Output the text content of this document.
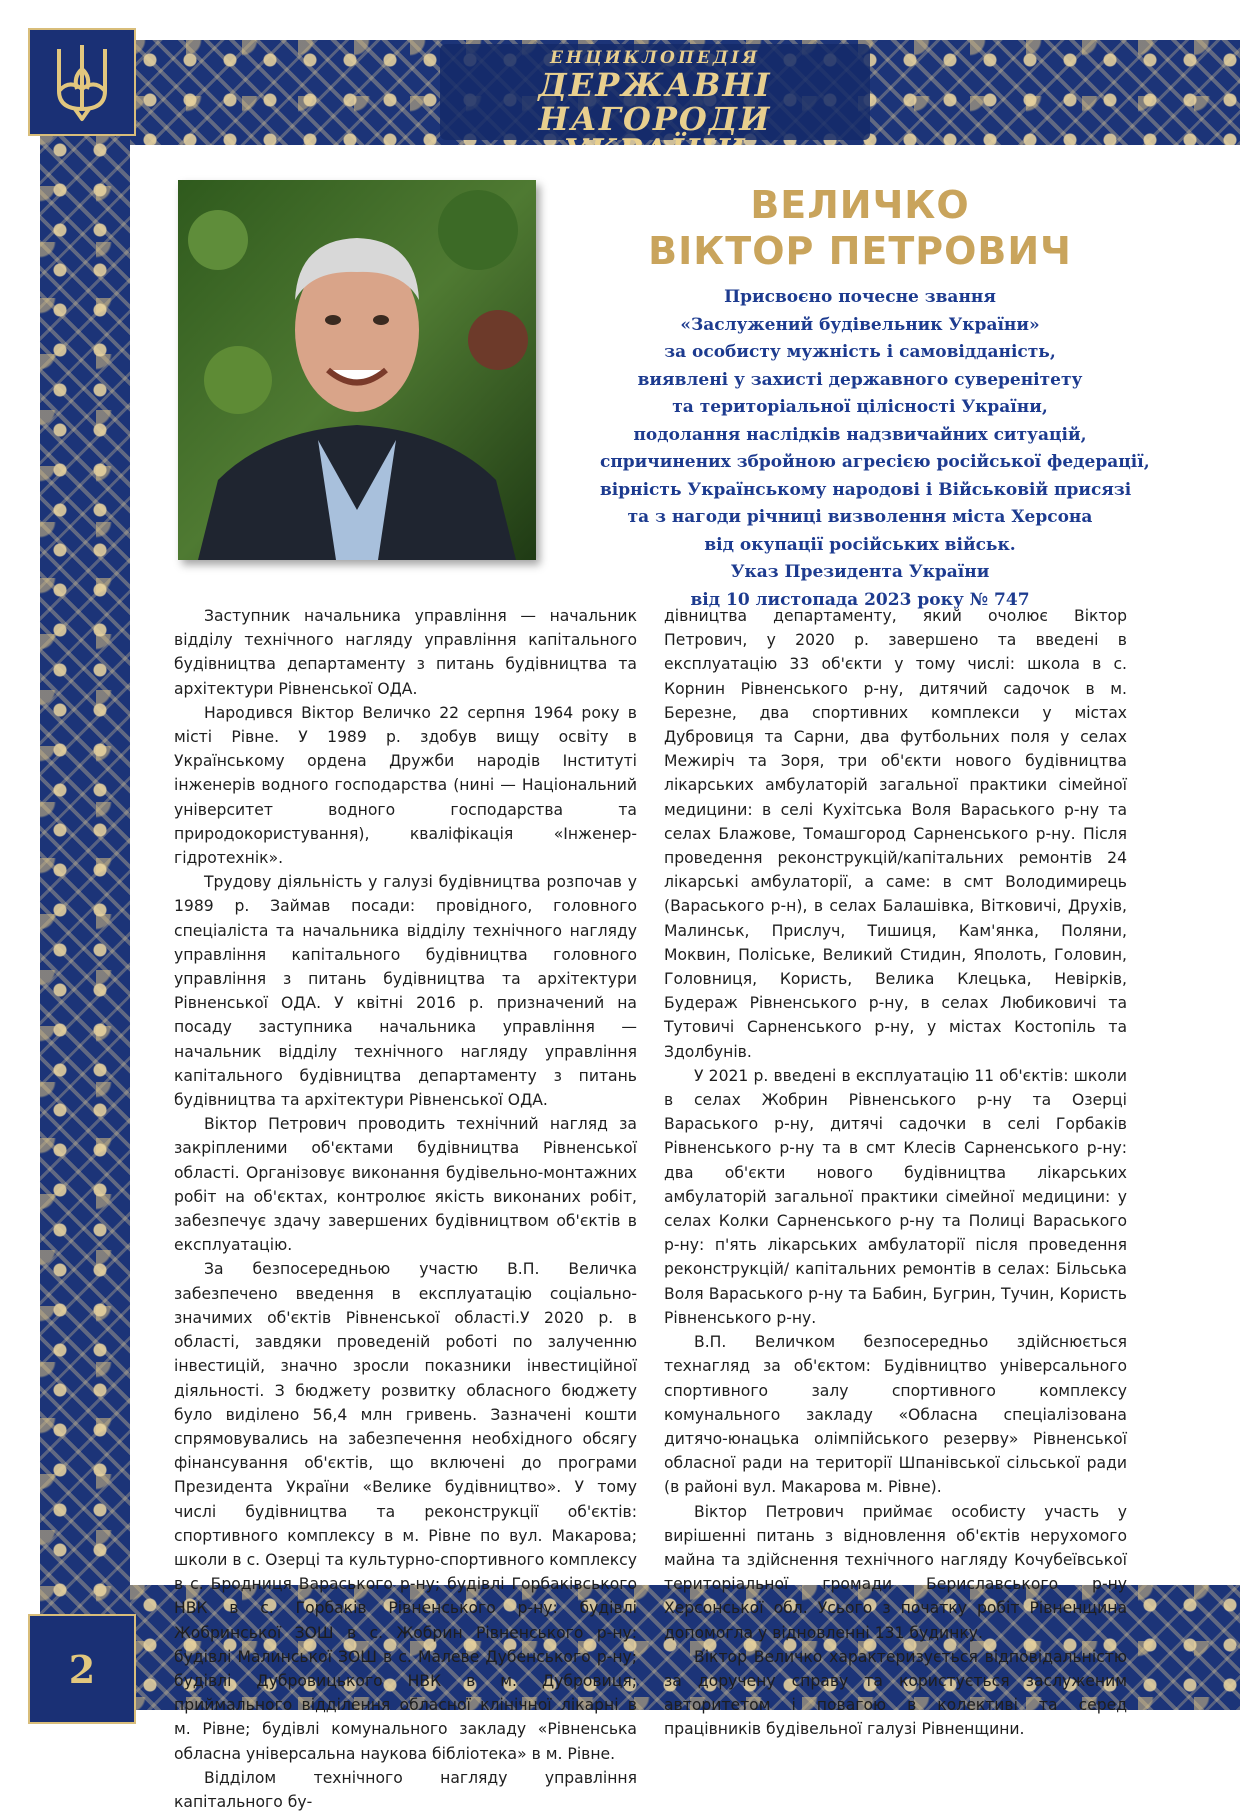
ЕНЦИКЛОПЕДІЯ
ДЕРЖАВНІ НАГОРОДИ
ВЕЛИЧКО
ВІКТОР ПЕТРОВИЧ
Присвоєно почесне звання
«Заслужений будівельник України»
за особисту мужність і самовідданість,
виявлені у захисті державного суверенітету
та територіальної цілісності України,
подолання наслідків надзвичайних ситуацій,
спричинених збройною агресією російської федерації,
вірність Українському народові і Військовій присязі
та з нагоди річниці визволення міста Херсона
від окупації російських військ.
Указ Президента України
від 10 листопада 2023 року № 747

Заступник начальника управління — начальник відділу технічного нагляду управління капітального будівництва департаменту з питань будівництва та архітектури Рівненської ОДА.

Народився Віктор Величко 22 серпня 1964 року в місті Рівне. У 1989 р. здобув вищу освіту в Українському ордена Дружби народів Інституті інженерів водного господарства (нині — Національний університет водного господарства та природокористування), кваліфікація «Інженер-гідротехнік».

Трудову діяльність у галузі будівництва розпочав у 1989 р. Займав посади: провідного, головного спеціаліста та начальника відділу технічного нагляду управління капітального будівництва головного управління з питань будівництва та архітектури Рівненської ОДА. У квітні 2016 р. призначений на посаду заступника начальника управління — начальник відділу технічного нагляду управління капітального будівництва департаменту з питань будівництва та архітектури Рівненської ОДА.

Віктор Петрович проводить технічний нагляд за закріпленими об'єктами будівництва Рівненської області. Організовує виконання будівельно-монтажних робіт на об'єктах, контролює якість виконаних робіт, забезпечує здачу завершених будівництвом об'єктів в експлуатацію.

За безпосередньою участю В.П. Величка забезпечено введення в експлуатацію соціально-значимих об'єктів Рівненської області.У 2020 р. в області, завдяки проведеній роботі по залученню інвестицій, значно зросли показники інвестиційної діяльності. З бюджету розвитку обласного бюджету було виділено 56,4 млн гривень. Зазначені кошти спрямовувались на забезпечення необхідного обсягу фінансування об'єктів, що включені до програми Президента України «Велике будівництво». У тому числі будівництва та реконструкції об'єктів: спортивного комплексу в м. Рівне по вул. Макарова; школи в с. Озерці та культурно-спортивного комплексу в с. Бродниця Вараського р-ну; будівлі Горбаківського НВК в с. Горбаків Рівненського р-ну: будівлі Жобринської ЗОШ в с. Жобрин Рівненського р-ну: будівлі Малинської ЗОШ в с. Малеве Дубенського р-ну; будівлі Дубровицького НВК в м. Дубровиця; приймального відділення обласної клінічної лікарні в м. Рівне; будівлі комунального закладу «Рівненська обласна універсальна наукова бібліотека» в м. Рівне.

Відділом технічного нагляду управління капітального бу-

дівництва департаменту, який очолює Віктор Петрович, у 2020 р. завершено та введені в експлуатацію 33 об'єкти у тому числі: школа в с. Корнин Рівненського р-ну, дитячий садочок в м. Березне, два спортивних комплекси у містах Дубровиця та Сарни, два футбольних поля у селах Межиріч та Зоря, три об'єкти нового будівництва лікарських амбулаторій загальної практики сімейної медицини: в селі Кухітська Воля Вараського р-ну та селах Блажове, Томашгород Сарненського р-ну. Після проведення реконструкцій/капітальних ремонтів 24 лікарські амбулаторії, а саме: в смт Володимирець (Вараського р-н), в селах Балашівка, Вітковичі, Друхів, Малинськ, Прислуч, Тишиця, Кам'янка, Поляни, Моквин, Поліське, Великий Стидин, Яполоть, Головин, Головниця, Користь, Велика Клецька, Невірків, Будераж Рівненського р-ну, в селах Любиковичі та Тутовичі Сарненського р-ну, у містах Костопіль та Здолбунів.

У 2021 р. введені в експлуатацію 11 об'єктів: школи в селах Жобрин Рівненського р-ну та Озерці Вараського р-ну, дитячі садочки в селі Горбаків Рівненського р-ну та в смт Клесів Сарненського р-ну: два об'єкти нового будівництва лікарських амбулаторій загальної практики сімейної медицини: у селах Колки Сарненського р-ну та Полиці Вараського р-ну: п'ять лікарських амбулаторії після проведення реконструкцій/ капітальних ремонтів в селах: Більська Воля Вараського р-ну та Бабин, Бугрин, Тучин, Користь Рівненського р-ну.

В.П. Величком безпосередньо здійснюється технагляд за об'єктом: Будівництво універсального спортивного залу спортивного комплексу комунального закладу «Обласна спеціалізована дитячо-юнацька олімпійського резерву» Рівненської обласної ради на території Шпанівської сільської ради (в районі вул. Макарова м. Рівне).

Віктор Петрович приймає особисту участь у вирішенні питань з відновлення об'єктів нерухомого майна та здійснення технічного нагляду Кочубеївської територіальної громади Бериславського р-ну Херсонської обл. Усього з початку робіт Рівненщина допомогла у відновленні 131 будинку.

Віктор Величко характеризується відповідальністю за доручену справу та користується заслуженим авторитетом і повагою в колективі та серед працівників будівельної галузі Рівненщини.

2
